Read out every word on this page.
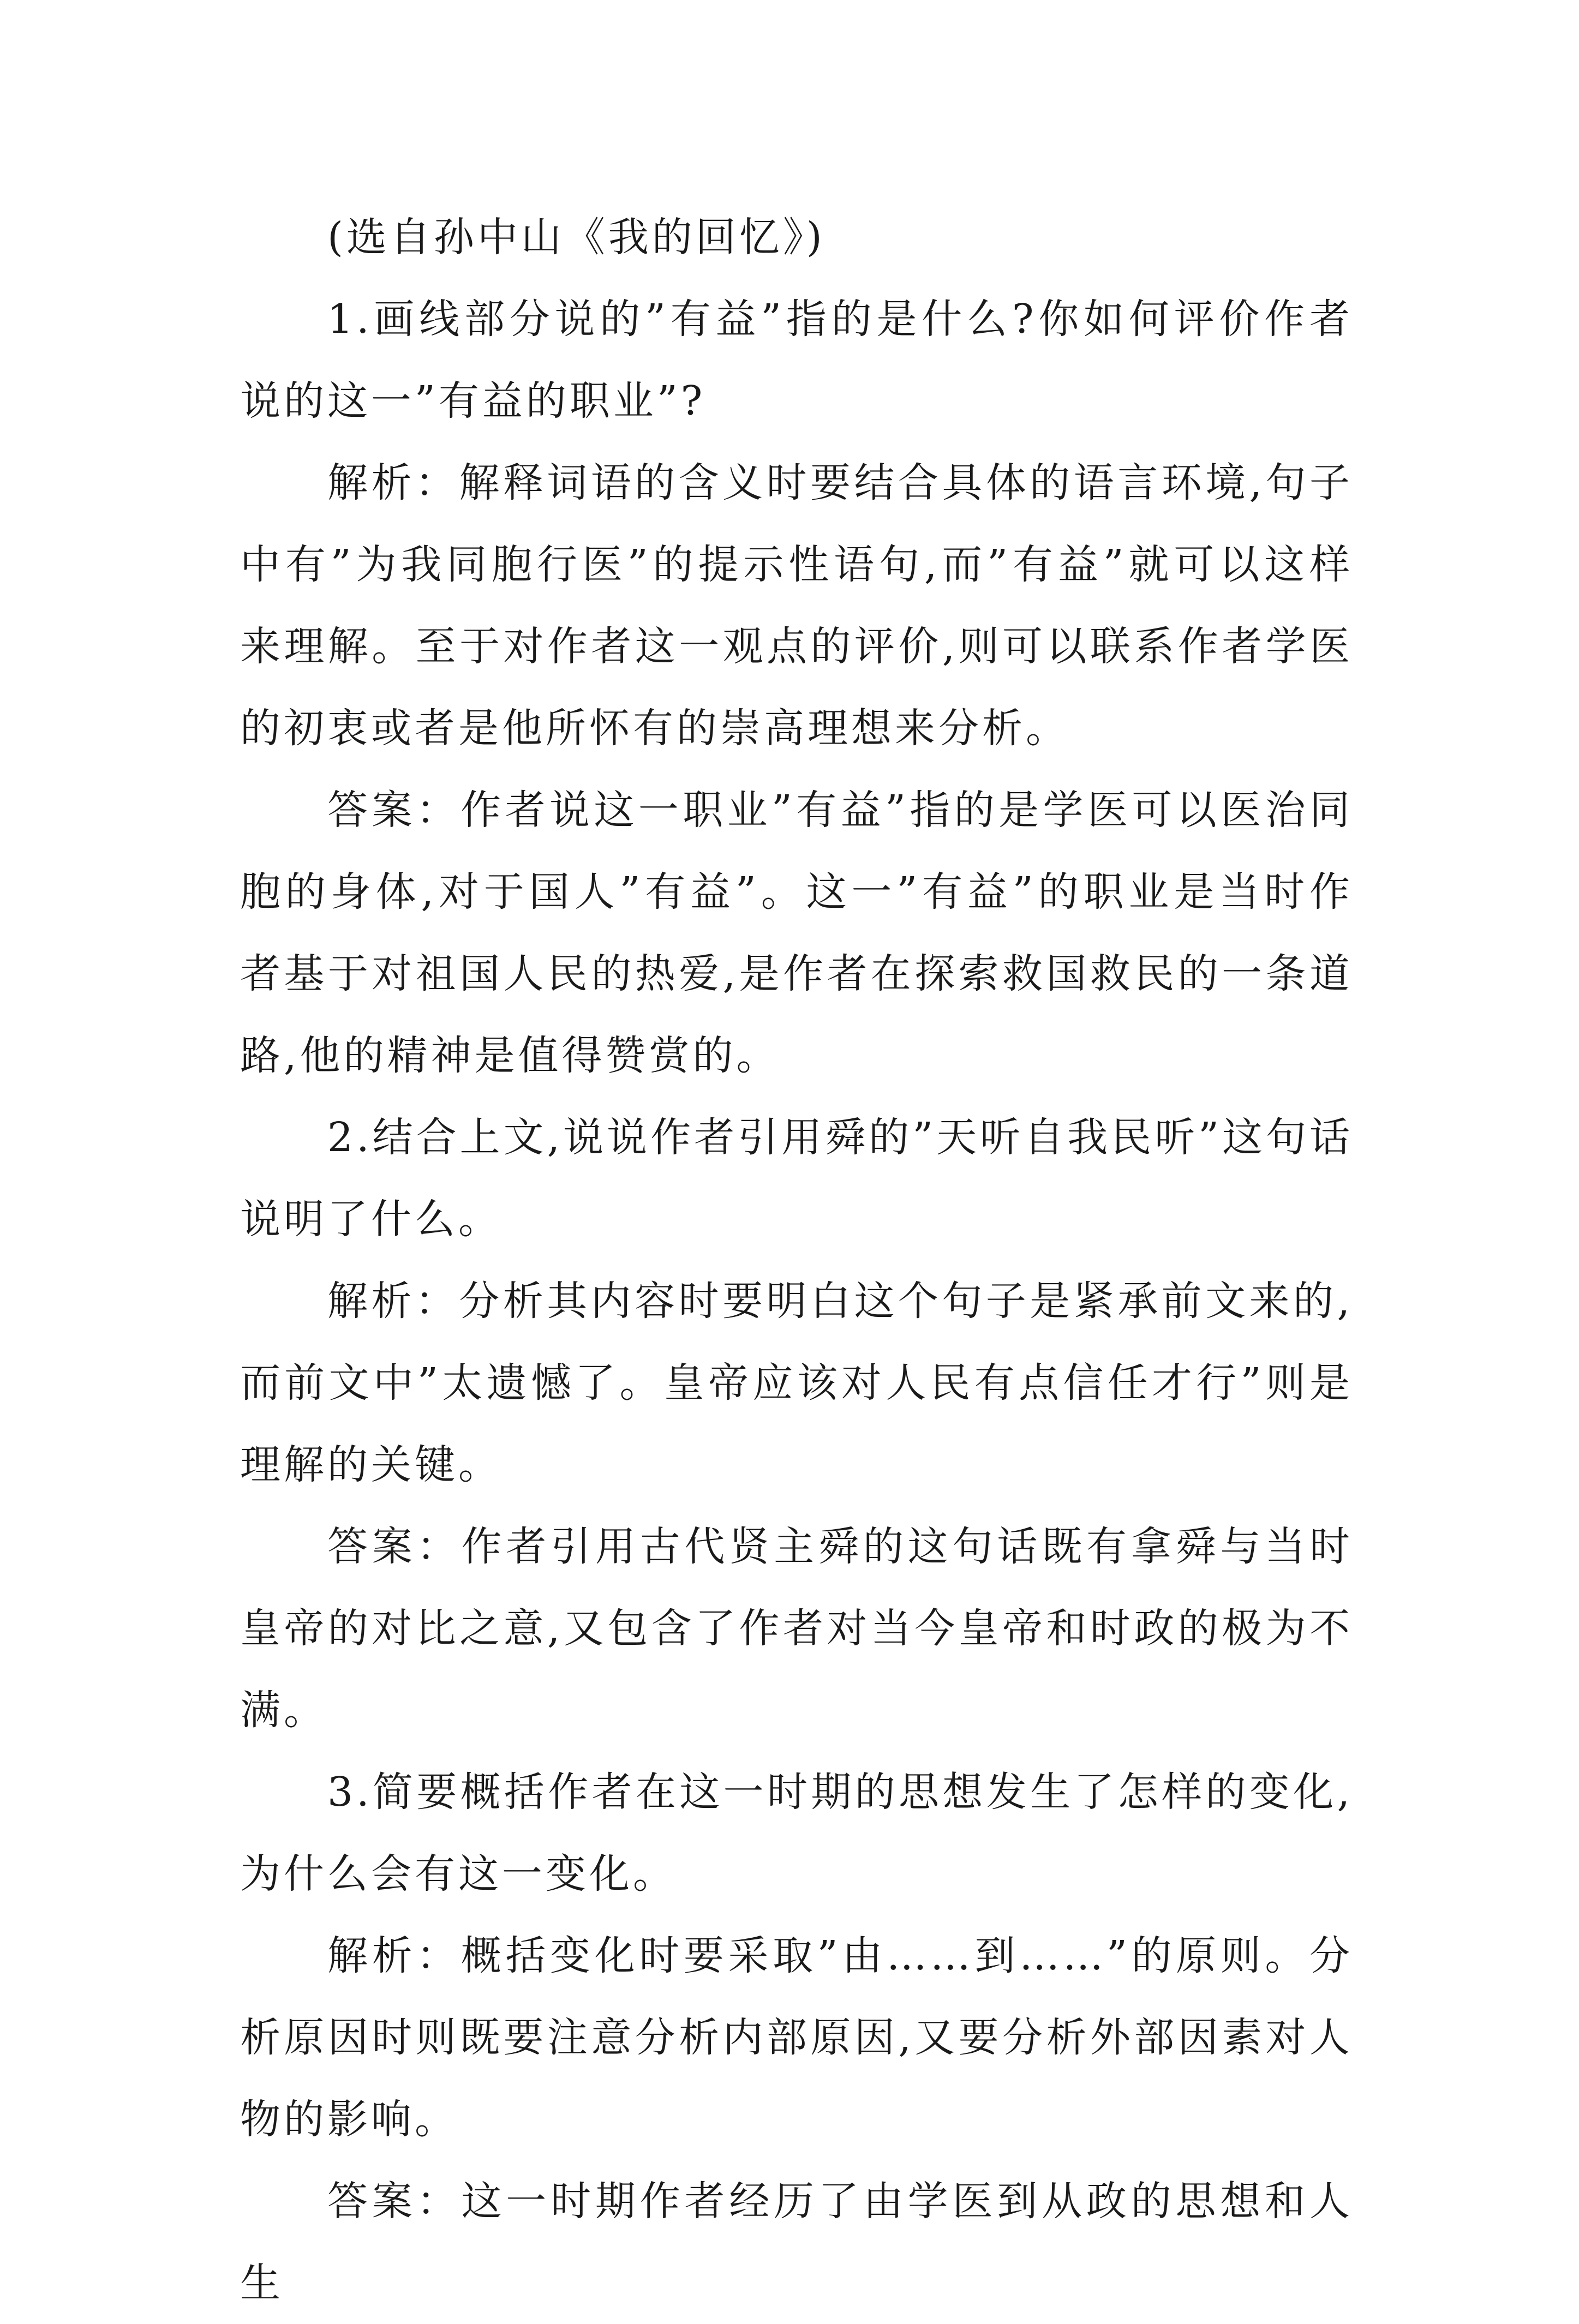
(选自孙中山《我的回忆》)

1.画线部分说的”有益”指的是什么?你如何评价作者说的这一”有益的职业”?

解析：解释词语的含义时要结合具体的语言环境,句子中有”为我同胞行医”的提示性语句,而”有益”就可以这样来理解。至于对作者这一观点的评价,则可以联系作者学医的初衷或者是他所怀有的崇高理想来分析。

答案：作者说这一职业”有益”指的是学医可以医治同胞的身体,对于国人”有益”。这一”有益”的职业是当时作者基于对祖国人民的热爱,是作者在探索救国救民的一条道路,他的精神是值得赞赏的。

2.结合上文,说说作者引用舜的”天听自我民听”这句话说明了什么。

解析：分析其内容时要明白这个句子是紧承前文来的,而前文中”太遗憾了。皇帝应该对人民有点信任才行”则是理解的关键。

答案：作者引用古代贤主舜的这句话既有拿舜与当时皇帝的对比之意,又包含了作者对当今皇帝和时政的极为不满。

3.简要概括作者在这一时期的思想发生了怎样的变化,为什么会有这一变化。

解析：概括变化时要采取”由……到……”的原则。分析原因时则既要注意分析内部原因,又要分析外部因素对人物的影响。

答案：这一时期作者经历了由学医到从政的思想和人生
